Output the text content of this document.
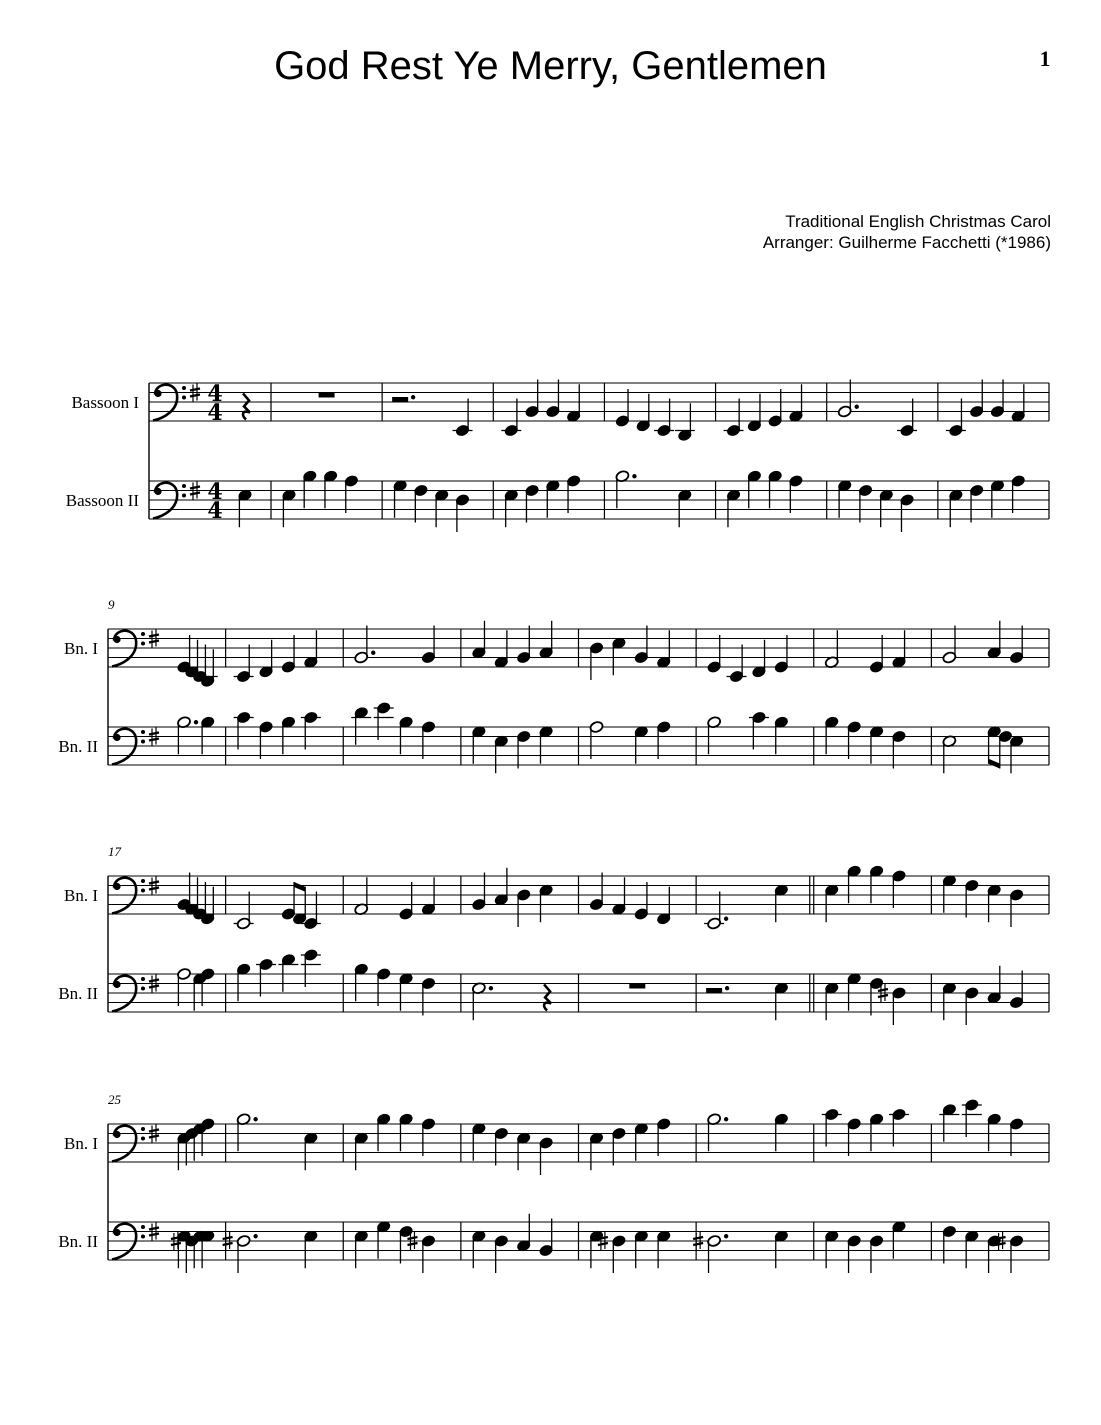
God Rest Ye Merry, Gentlemen	1
Traditional English Christmas Carol
Arranger: Guilherme Facchetti (*1986)
Bassoon I
Bassoon II
4
4
4
4
Bn. I
Bn. II
9
Bn. I
Bn. II
17
Bn. I
Bn. II
25
